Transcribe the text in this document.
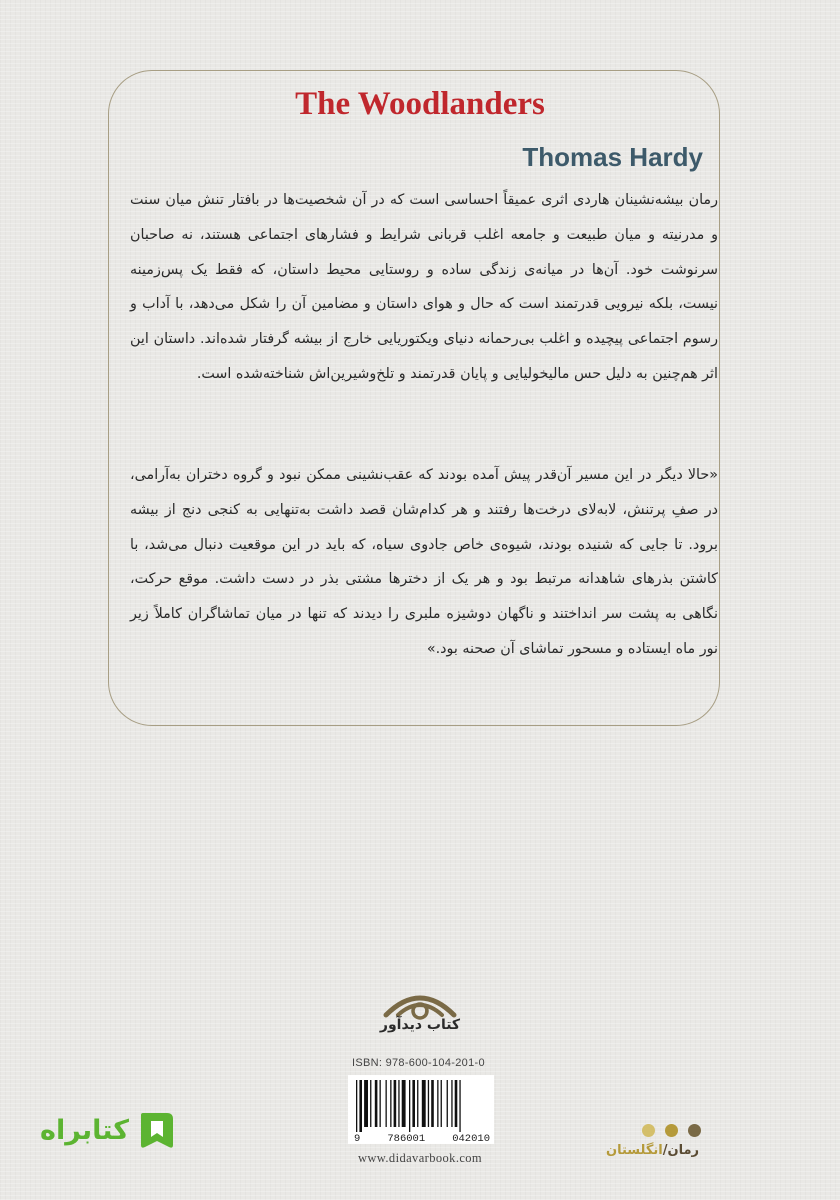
The Woodlanders
Thomas Hardy
رمان بیشه‌نشینان هاردی اثری عمیقاً احساسی است که در آن شخصیت‌ها در بافتار تنش میان سنت و مدرنیته و میان طبیعت و جامعه اغلب قربانی شرایط و فشارهای اجتماعی هستند، نه صاحبان سرنوشت خود. آن‌ها در میانه‌ی زندگی ساده و روستایی محیط داستان، که فقط یک پس‌زمینه نیست، بلکه نیرویی قدرتمند است که حال و هوای داستان و مضامین آن را شکل می‌دهد، با آداب و رسوم اجتماعی پیچیده و اغلب بی‌رحمانه دنیای ویکتوریایی خارج از بیشه گرفتار شده‌اند. داستان این اثر هم‌چنین به دلیل حس مالیخولیایی و پایان قدرتمند و تلخ‌وشیرین‌اش شناخته‌شده است.
«حالا دیگر در این مسیر آن‌قدر پیش آمده بودند که عقب‌نشینی ممکن نبود و گروه دختران به‌آرامی، در صفِ پرتنش، لابه‌لای درخت‌ها رفتند و هر کدام‌شان قصد داشت به‌تنهایی به کنجی دنج از بیشه برود. تا جایی که شنیده بودند، شیوه‌ی خاص جادوی سیاه، که باید در این موقعیت دنبال می‌شد، با کاشتن بذرهای شاهدانه مرتبط بود و هر یک از دخترها مشتی بذر در دست داشت. موقع حرکت، نگاهی به پشت سر انداختند و ناگهان دوشیزه ملبری را دیدند که تنها در میان تماشاگران کاملاً زیر نور ماه ایستاده و مسحور تماشای آن صحنه بود.»
کتاب دیدآور
ISBN: 978-600-104-201-0
9	786001	042010
www.didavarbook.com	رمان/انگلستان
کتابراه
